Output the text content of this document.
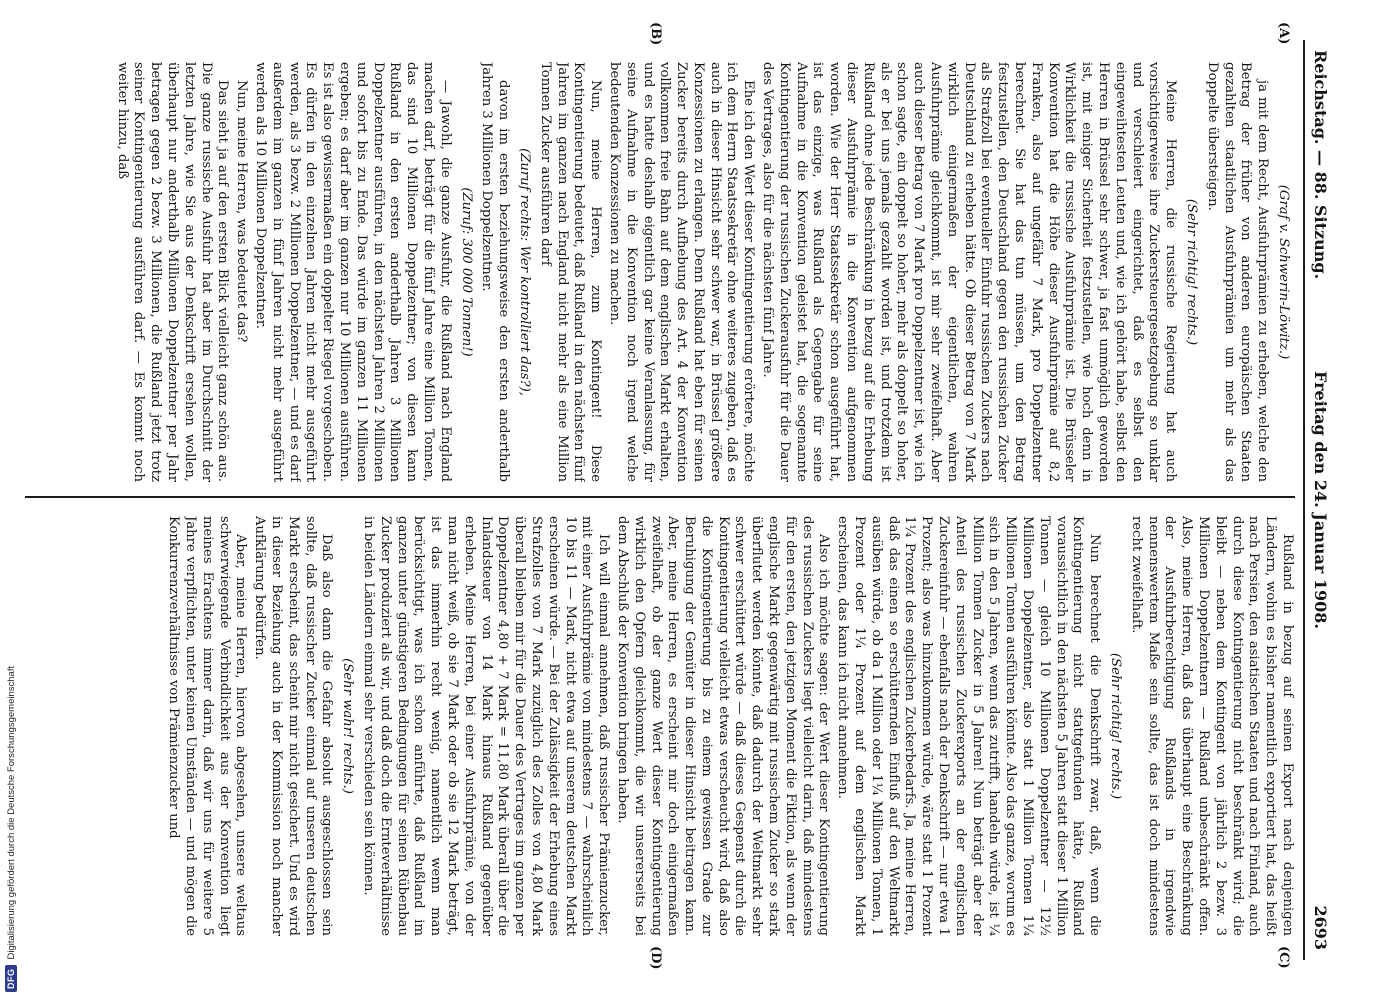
Reichstag. — 88. Sitzung.
Freitag den 24. Januar 1908.
2693
(A)
(B)
(C)
(D)

(Graf v. Schwerin-Löwitz.)

ja mit dem Recht, Ausfuhrprämien zu erheben, welche den Betrag der früher von anderen europäischen Staaten gezahlten staatlichen Ausfuhrprämien um mehr als das Doppelte übersteigen.

(Sehr richtig! rechts.)

Meine Herren, die russische Regierung hat auch vorsichtigerweise ihre Zuckersteuergesetzgebung so unklar und verschleiert eingerichtet, daß es selbst den eingeweihtesten Leuten und, wie ich gehört habe, selbst den Herren in Brüssel sehr schwer, ja fast unmöglich geworden ist, mit einiger Sicherheit festzustellen, wie hoch denn in Wirklichkeit die russische Ausfuhrprämie ist. Die Brüsseler Konvention hat die Höhe dieser Ausfuhrprämie auf 8,2 Franken, also auf ungefähr 7 Mark, pro Doppelzentner berechnet. Sie hat das tun müssen, um den Betrag festzustellen, den Deutschland gegen den russischen Zucker als Strafzoll bei eventueller Einfuhr russischen Zuckers nach Deutschland zu erheben hätte. Ob dieser Betrag von 7 Mark wirklich einigermaßen der eigentlichen, wahren Ausfuhrprämie gleichkommt, ist mir sehr zweifelhaft. Aber auch dieser Betrag von 7 Mark pro Doppelzentner ist, wie ich schon sagte, ein doppelt so hoher, mehr als doppelt so hoher, als er bei uns jemals gezahlt worden ist, und trotzdem ist Rußland ohne jede Beschränkung in bezug auf die Erhebung dieser Ausfuhrprämie in die Konvention aufgenommen worden. Wie der Herr Staatssekretär schon ausgeführt hat, ist das einzige, was Rußland als Gegengabe für seine Aufnahme in die Konvention geleistet hat, die sogenannte Kontingentierung der russischen Zuckerausfuhr für die Dauer des Vertrages, also für die nächsten fünf Jahre.

Ehe ich den Wert dieser Kontingentierung erörtere, möchte ich dem Herrn Staatssekretär ohne weiteres zugeben, daß es auch in dieser Hinsicht sehr schwer war, in Brüssel größere Konzessionen zu erlangen. Denn Rußland hat eben für seinen Zucker bereits durch Aufhebung des Art. 4 der Konvention vollkommen freie Bahn auf dem englischen Markt erhalten, und es hatte deshalb eigentlich gar keine Veranlassung, für seine Aufnahme in die Konvention noch irgend welche bedeutenden Konzessionen zu machen.

Nun, meine Herren, zum Kontingent! Diese Kontingentierung bedeutet, daß Rußland in den nächsten fünf Jahren im ganzen nach England nicht mehr als eine Million Tonnen Zucker ausführen darf

(Zuruf rechts: Wer kontrolliert das?),

davon im ersten beziehungsweise den ersten anderthalb Jahren 3 Millionen Doppelzentner.

(Zuruf: 300 000 Tonnen!)

— Jawohl, die ganze Ausfuhr, die Rußland nach England machen darf, beträgt für die fünf Jahre eine Million Tonnen, das sind 10 Millionen Doppelzentner; von diesen kann Rußland in den ersten anderthalb Jahren 3 Millionen Doppelzentner ausführen, in den nächsten Jahren 2 Millionen und sofort bis zu Ende. Das würde im ganzen 11 Millionen ergeben; es darf aber im ganzen nur 10 Millionen ausführen. Es ist also gewissermaßen ein doppelter Riegel vorgeschoben. Es dürfen in den einzelnen Jahren nicht mehr ausgeführt werden, als 3 bezw. 2 Millionen Doppelzentner, — und es darf außerdem im ganzen in fünf Jahren nicht mehr ausgeführt werden als 10 Millionen Doppelzentner.

Nun, meine Herren, was bedeutet das?

Das sieht ja auf den ersten Blick vielleicht ganz schön aus. Die ganze russische Ausfuhr hat aber im Durchschnitt der letzten Jahre, wie Sie aus der Denkschrift ersehen wollen, überhaupt nur anderthalb Millionen Doppelzentner per Jahr betragen gegen 2 bezw. 3 Millionen, die Rußland jetzt trotz seiner Kontingentierung ausführen darf. — Es kommt noch weiter hinzu, daß

Rußland in bezug auf seinen Export nach denjenigen Ländern, wohin es bisher namentlich exportiert hat, das heißt nach Persien, den asiatischen Staaten und nach Finland, auch durch diese Kontingentierung nicht beschränkt wird; die bleibt — neben dem Kontingent von jährlich 2 bezw. 3 Millionen Doppelzentnern — Rußland unbeschränkt offen. Also, meine Herren, daß das überhaupt eine Beschränkung der Ausfuhrberechtigung Rußlands in irgendwie nennenswertem Maße sein sollte, das ist doch mindestens recht zweifelhaft.

(Sehr richtig! rechts.)

Nun berechnet die Denkschrift zwar, daß, wenn die Kontingentierung nicht stattgefunden hätte, Rußland voraussichtlich in den nächsten 5 Jahren statt dieser 1 Million Tonnen — gleich 10 Millionen Doppelzentner — 12½ Millionen Doppelzentner, also statt 1 Million Tonnen 1¼ Millionen Tonnen ausführen könnte. Also das ganze, worum es sich in den 5 Jahren, wenn das zutrifft, handeln würde, ist ¼ Million Tonnen Zucker in 5 Jahren! Nun beträgt aber der Anteil des russischen Zuckerexports an der englischen Zuckereinfuhr — ebenfalls nach der Denkschrift — nur etwa 1 Prozent; also was hinzukommen würde, wäre statt 1 Prozent 1¼ Prozent des englischen Zuckerbedarfs. Ja, meine Herren, daß das einen so erschütternden Einfluß auf den Weltmarkt ausüben würde, ob da 1 Million oder 1¼ Millionen Tonnen, 1 Prozent oder 1¼ Prozent auf dem englischen Markt erscheinen, das kann ich nicht annehmen.

Also ich möchte sagen: der Wert dieser Kontingentierung des russischen Zuckers liegt vielleicht darin, daß mindestens für den ersten, den jetzigen Moment die Fiktion, als wenn der englische Markt gegenwärtig mit russischem Zucker so stark überflutet werden könnte, daß dadurch der Weltmarkt sehr schwer erschüttert würde — daß dieses Gespenst durch die Kontingentierung vielleicht etwas verscheucht wird, daß also die Kontingentierung bis zu einem gewissen Grade zur Beruhigung der Gemüter in dieser Hinsicht beitragen kann. Aber, meine Herren, es erscheint mir doch einigermaßen zweifelhaft, ob der ganze Wert dieser Kontingentierung wirklich den Opfern gleichkommt, die wir unsererseits bei dem Abschluß der Konvention bringen haben.

Ich will einmal annehmen, daß russischer Prämienzucker, mit einer Ausfuhrprämie von mindestens 7 — wahrscheinlich 10 bis 11 — Mark, nicht etwa auf unserem deutschen Markt erscheinen würde. — Bei der Zulässigkeit der Erhebung eines Strafzolles von 7 Mark zuzüglich des Zolles von 4,80 Mark überall bleiben mir für die Dauer des Vertrages im ganzen per Doppelzentner 4,80 + 7 Mark = 11,80 Mark überall über die Inlandsteuer von 14 Mark hinaus Rußland gegenüber erheben. Meine Herren, bei einer Ausfuhrprämie, von der man nicht weiß, ob sie 7 Mark oder ob sie 12 Mark beträgt, ist das immerhin recht wenig, namentlich wenn man berücksichtigt, was ich schon anführte, daß Rußland im ganzen unter günstigeren Bedingungen für seinen Rübenbau Zucker produziert als wir, und daß doch die Ernteverhältnisse in beiden Ländern einmal sehr verschieden sein können.

(Sehr wahr! rechts.)

Daß also dann die Gefahr absolut ausgeschlossen sein sollte, daß russischer Zucker einmal auf unseren deutschen Markt erscheint, das scheint mir nicht gesichert. Und es wird in dieser Beziehung auch in der Kommission noch mancher Aufklärung bedürfen.

Aber, meine Herren, hiervon abgesehen, unsere weltaus schwerwiegende Verbindlichkeit aus der Konvention liegt meines Erachtens immer darin, daß wir uns für weitere 5 Jahre verpflichten, unter keinen Umständen — und mögen die Konkurrenzverhältnisse von Prämienzucker und

DFG
Digitalisierung gefördert durch die Deutsche Forschungsgemeinschaft
